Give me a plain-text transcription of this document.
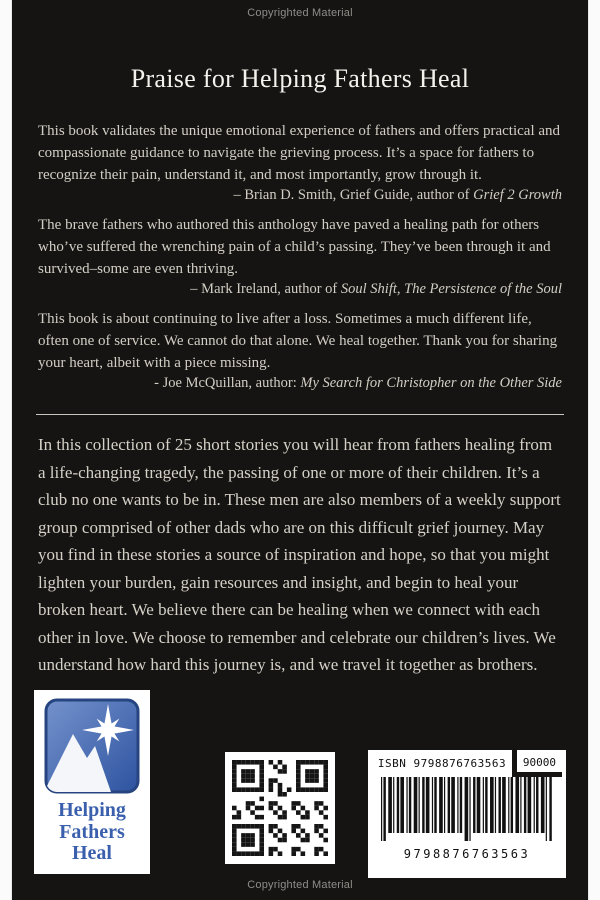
Copyrighted Material
Praise for Helping Fathers Heal

This book validates the unique emotional experience of fathers and offers practical and compassionate guidance to navigate the grieving process. It’s a space for fathers to recognize their pain, understand it, and most importantly, grow through it.

– Brian D. Smith, Grief Guide, author of Grief 2 Growth

The brave fathers who authored this anthology have paved a healing path for others who’ve suffered the wrenching pain of a child’s passing. They’ve been through it and survived–some are even thriving.

– Mark Ireland, author of Soul Shift, The Persistence of the Soul

This book is about continuing to live after a loss. Sometimes a much different life, often one of service. We cannot do that alone. We heal together. Thank you for sharing your heart, albeit with a piece missing.

- Joe McQuillan, author: My Search for Christopher on the Other Side

In this collection of 25 short stories you will hear from fathers healing from a life-changing tragedy, the passing of one or more of their children. It’s a club no one wants to be in. These men are also members of a weekly support group comprised of other dads who are on this difficult grief journey. May you find in these stories a source of inspiration and hope, so that you might lighten your burden, gain resources and insight, and begin to heal your broken heart. We believe there can be healing when we connect with each other in love. We choose to remember and celebrate our children’s lives. We understand how hard this journey is, and we travel it together as brothers.

Helping
Fathers Heal
ISBN 9798876763563	90000
9798876763563
Copyrighted Material
